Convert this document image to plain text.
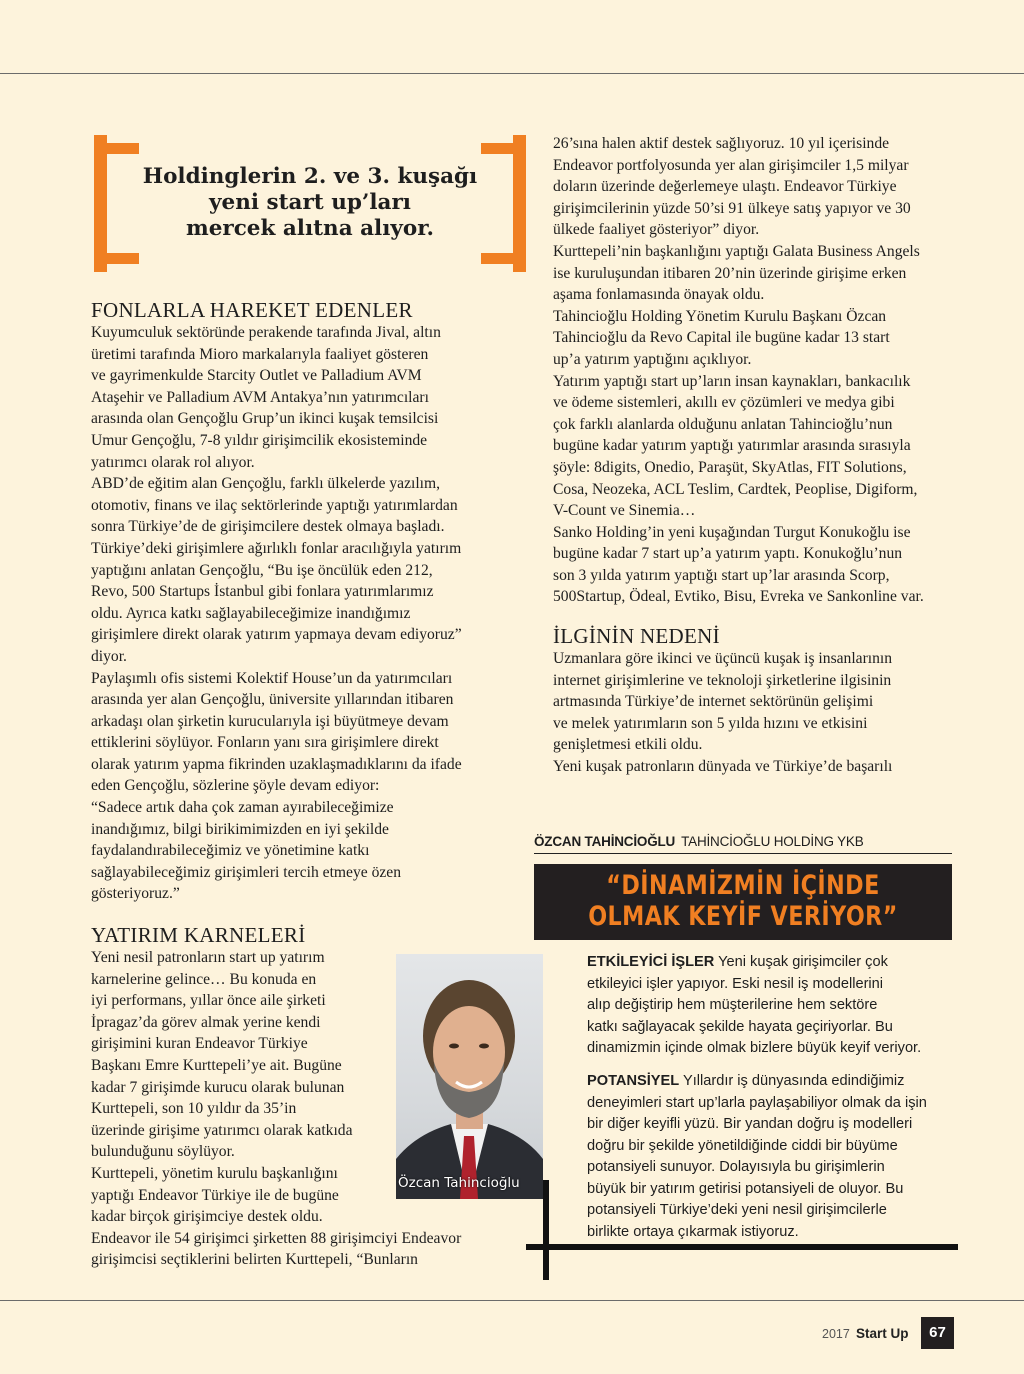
Holdinglerin 2. ve 3. kuşağı
yeni start up’ları
mercek alıtna alıyor.
FONLARLA HAREKET EDENLER
Kuyumculuk sektöründe perakende tarafında Jival, altın
üretimi tarafında Mioro markalarıyla faaliyet gösteren
ve gayrimenkulde Starcity Outlet ve Palladium AVM
Ataşehir ve Palladium AVM Antakya’nın yatırımcıları
arasında olan Gençoğlu Grup’un ikinci kuşak temsilcisi
Umur Gençoğlu, 7-8 yıldır girişimcilik ekosisteminde
yatırımcı olarak rol alıyor.
ABD’de eğitim alan Gençoğlu, farklı ülkelerde yazılım,
otomotiv, finans ve ilaç sektörlerinde yaptığı yatırımlardan
sonra Türkiye’de de girişimcilere destek olmaya başladı.
Türkiye’deki girişimlere ağırlıklı fonlar aracılığıyla yatırım
yaptığını anlatan Gençoğlu, “Bu işe öncülük eden 212,
Revo, 500 Startups İstanbul gibi fonlara yatırımlarımız
oldu. Ayrıca katkı sağlayabileceğimize inandığımız
girişimlere direkt olarak yatırım yapmaya devam ediyoruz”
diyor.
Paylaşımlı ofis sistemi Kolektif House’un da yatırımcıları
arasında yer alan Gençoğlu, üniversite yıllarından itibaren
arkadaşı olan şirketin kurucularıyla işi büyütmeye devam
ettiklerini söylüyor. Fonların yanı sıra girişimlere direkt
olarak yatırım yapma fikrinden uzaklaşmadıklarını da ifade
eden Gençoğlu, sözlerine şöyle devam ediyor:
“Sadece artık daha çok zaman ayırabileceğimize
inandığımız, bilgi birikimimizden en iyi şekilde
faydalandırabileceğimiz ve yönetimine katkı
sağlayabileceğimiz girişimleri tercih etmeye özen
gösteriyoruz.”
YATIRIM KARNELERİ
Yeni nesil patronların start up yatırım
karnelerine gelince… Bu konuda en
iyi performans, yıllar önce aile şirketi
İpragaz’da görev almak yerine kendi
girişimini kuran Endeavor Türkiye
Başkanı Emre Kurttepeli’ye ait. Bugüne
kadar 7 girişimde kurucu olarak bulunan
Kurttepeli, son 10 yıldır da 35’in
üzerinde girişime yatırımcı olarak katkıda
bulunduğunu söylüyor.
Kurttepeli, yönetim kurulu başkanlığını
yaptığı Endeavor Türkiye ile de bugüne
kadar birçok girişimciye destek oldu.
Endeavor ile 54 girişimci şirketten 88 girişimciyi Endeavor
girişimcisi seçtiklerini belirten Kurttepeli, “Bunların
Özcan Tahincioğlu
26’sına halen aktif destek sağlıyoruz. 10 yıl içerisinde
Endeavor portfolyosunda yer alan girişimciler 1,5 milyar
doların üzerinde değerlemeye ulaştı. Endeavor Türkiye
girişimcilerinin yüzde 50’si 91 ülkeye satış yapıyor ve 30
ülkede faaliyet gösteriyor” diyor.
Kurttepeli’nin başkanlığını yaptığı Galata Business Angels
ise kuruluşundan itibaren 20’nin üzerinde girişime erken
aşama fonlamasında önayak oldu.
Tahincioğlu Holding Yönetim Kurulu Başkanı Özcan
Tahincioğlu da Revo Capital ile bugüne kadar 13 start
up’a yatırım yaptığını açıklıyor.
Yatırım yaptığı start up’ların insan kaynakları, bankacılık
ve ödeme sistemleri, akıllı ev çözümleri ve medya gibi
çok farklı alanlarda olduğunu anlatan Tahincioğlu’nun
bugüne kadar yatırım yaptığı yatırımlar arasında sırasıyla
şöyle: 8digits, Onedio, Paraşüt, SkyAtlas, FIT Solutions,
Cosa, Neozeka, ACL Teslim, Cardtek, Peoplise, Digiform,
V-Count ve Sinemia…
Sanko Holding’in yeni kuşağından Turgut Konukoğlu ise
bugüne kadar 7 start up’a yatırım yaptı. Konukoğlu’nun
son 3 yılda yatırım yaptığı start up’lar arasında Scorp,
500Startup, Ödeal, Evtiko, Bisu, Evreka ve Sankonline var.
İLGİNİN NEDENİ
Uzmanlara göre ikinci ve üçüncü kuşak iş insanlarının
internet girişimlerine ve teknoloji şirketlerine ilgisinin
artmasında Türkiye’de internet sektörünün gelişimi
ve melek yatırımların son 5 yılda hızını ve etkisini
genişletmesi etkili oldu.
Yeni kuşak patronların dünyada ve Türkiye’de başarılı
ÖZCAN TAHİNCİOĞLU TAHİNCİOĞLU HOLDİNG YKB
“DİNAMİZMİN İÇİNDE
OLMAK KEYİF VERİYOR”
ETKİLEYİCİ İŞLER Yeni kuşak girişimciler çok
etkileyici işler yapıyor. Eski nesil iş modellerini
alıp değiştirip hem müşterilerine hem sektöre
katkı sağlayacak şekilde hayata geçiriyorlar. Bu
dinamizmin içinde olmak bizlere büyük keyif veriyor.
POTANSİYEL Yıllardır iş dünyasında edindiğimiz
deneyimleri start up’larla paylaşabiliyor olmak da işin
bir diğer keyifli yüzü. Bir yandan doğru iş modelleri
doğru bir şekilde yönetildiğinde ciddi bir büyüme
potansiyeli sunuyor. Dolayısıyla bu girişimlerin
büyük bir yatırım getirisi potansiyeli de oluyor. Bu
potansiyeli Türkiye’deki yeni nesil girişimcilerle
birlikte ortaya çıkarmak istiyoruz.
2017 Start Up	67
